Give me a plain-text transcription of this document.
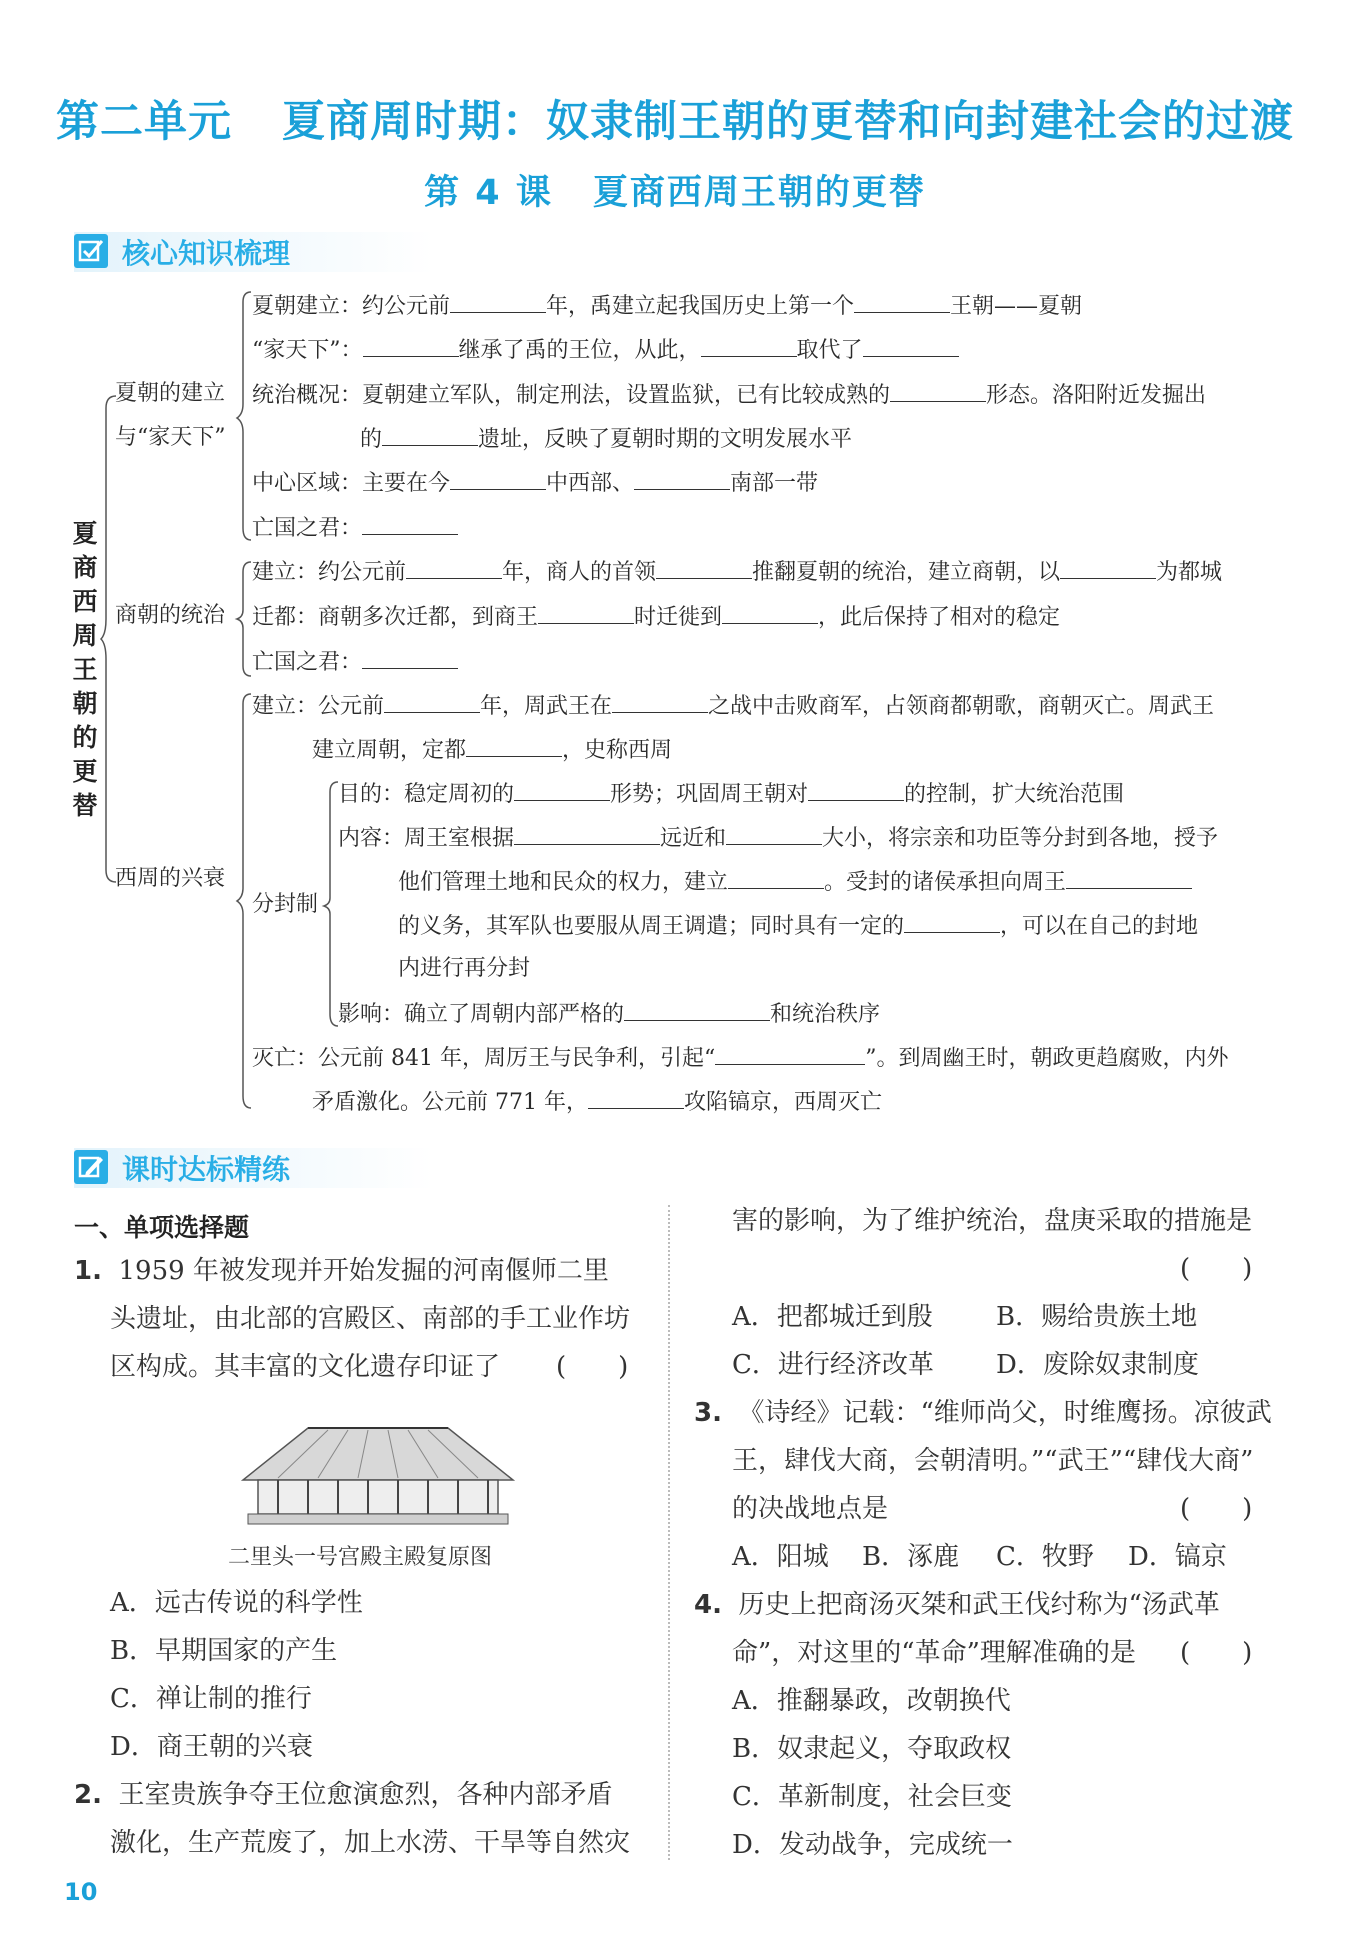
第二单元 夏商周时期：奴隶制王朝的更替和向封建社会的过渡
第 4 课 夏商西周王朝的更替
核心知识梳理
夏
商
西
周
王
朝
的
更
替
夏朝的建立
与“家天下”
夏朝建立：约公元前	年，禹建立起我国历史上第一个	王朝——夏朝
“家天下”：	继承了禹的王位，从此，	取代了
统治概况：夏朝建立军队，制定刑法，设置监狱，已有比较成熟的	形态。洛阳附近发掘出
的	遗址，反映了夏朝时期的文明发展水平
中心区域：主要在今	中西部、	南部一带
亡国之君：
商朝的统治
建立：约公元前	年，商人的首领	推翻夏朝的统治，建立商朝，以	为都城
迁都：商朝多次迁都，到商王	时迁徙到	，此后保持了相对的稳定
亡国之君：
西周的兴衰
建立：公元前	年，周武王在	之战中击败商军，占领商都朝歌，商朝灭亡。周武王
建立周朝，定都	，史称西周
分封制
目的：稳定周初的	形势；巩固周王朝对	的控制，扩大统治范围
内容：周王室根据	远近和	大小，将宗亲和功臣等分封到各地，授予
他们管理土地和民众的权力，建立	。受封的诸侯承担向周王
的义务，其军队也要服从周王调遣；同时具有一定的	，可以在自己的封地
内进行再分封
影响：确立了周朝内部严格的	和统治秩序
灭亡：公元前 841 年，周厉王与民争利，引起“	”。到周幽王时，朝政更趋腐败，内外
矛盾激化。公元前 771 年，	攻陷镐京，西周灭亡
课时达标精练
一、单项选择题
1. 1959 年被发现并开始发掘的河南偃师二里
头遗址，由北部的宫殿区、南部的手工业作坊
区构成。其丰富的文化遗存印证了 (　　)
二里头一号宫殿主殿复原图
A．远古传说的科学性
B．早期国家的产生
C．禅让制的推行
D．商王朝的兴衰
2. 王室贵族争夺王位愈演愈烈，各种内部矛盾
激化，生产荒废了，加上水涝、干旱等自然灾
害的影响，为了维护统治，盘庚采取的措施是
(　　)
A．把都城迁到殷 B．赐给贵族土地
C．进行经济改革 D．废除奴隶制度
3. 《诗经》记载：“维师尚父，时维鹰扬。凉彼武
王，肆伐大商，会朝清明。”“武王”“肆伐大商”
的决战地点是	(　　)
A．阳城 B．涿鹿 C．牧野 D．镐京
4. 历史上把商汤灭桀和武王伐纣称为“汤武革
命”，对这里的“革命”理解准确的是 (　　)
A．推翻暴政，改朝换代
B．奴隶起义，夺取政权
C．革新制度，社会巨变
D．发动战争，完成统一
10
